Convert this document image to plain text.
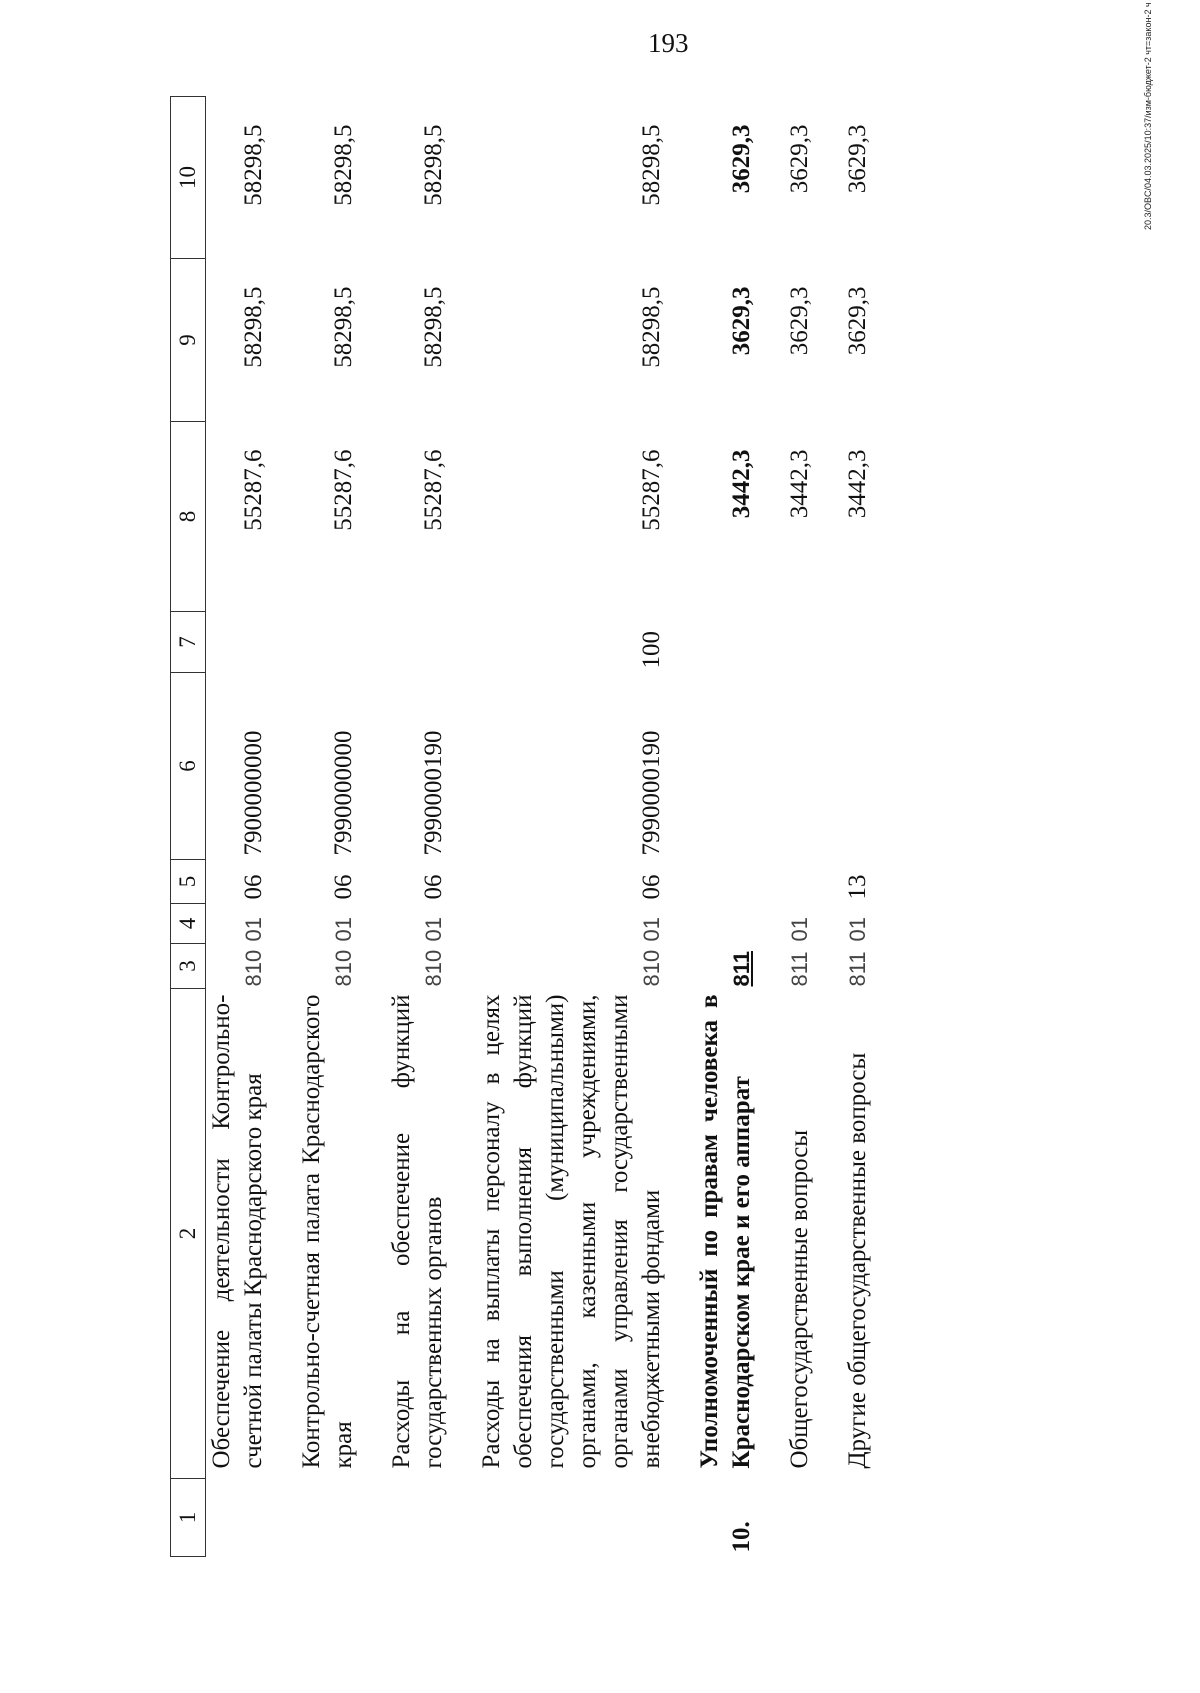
193	20.3/OBC/04.03.2025/10:37/изм-бюджет-2 чт=закон-2 ч
1	2	3	4	5	6	7	8	9	10
	Обеспечение деятельности Контрольно-счетной палаты Краснодарского края	810	01	06	7900000000		55287,6	58298,5	58298,5
	Контрольно-счетная палата Краснодарского края	810	01	06	7990000000		55287,6	58298,5	58298,5
	Расходы на обеспечение функций государственных органов	810	01	06	7990000190		55287,6	58298,5	58298,5
	Расходы на выплаты персоналу в целях обеспечения выполнения функций государственными (муниципальными) органами, казенными учреждениями, органами управления государственными внебюджетными фондами	810	01	06	7990000190	100	55287,6	58298,5	58298,5
10.	Уполномоченный по правам человека в Краснодарском крае и его аппарат	811					3442,3	3629,3	3629,3
	Общегосударственные вопросы	811	01				3442,3	3629,3	3629,3
	Другие общегосударственные вопросы	811	01	13			3442,3	3629,3	3629,3
